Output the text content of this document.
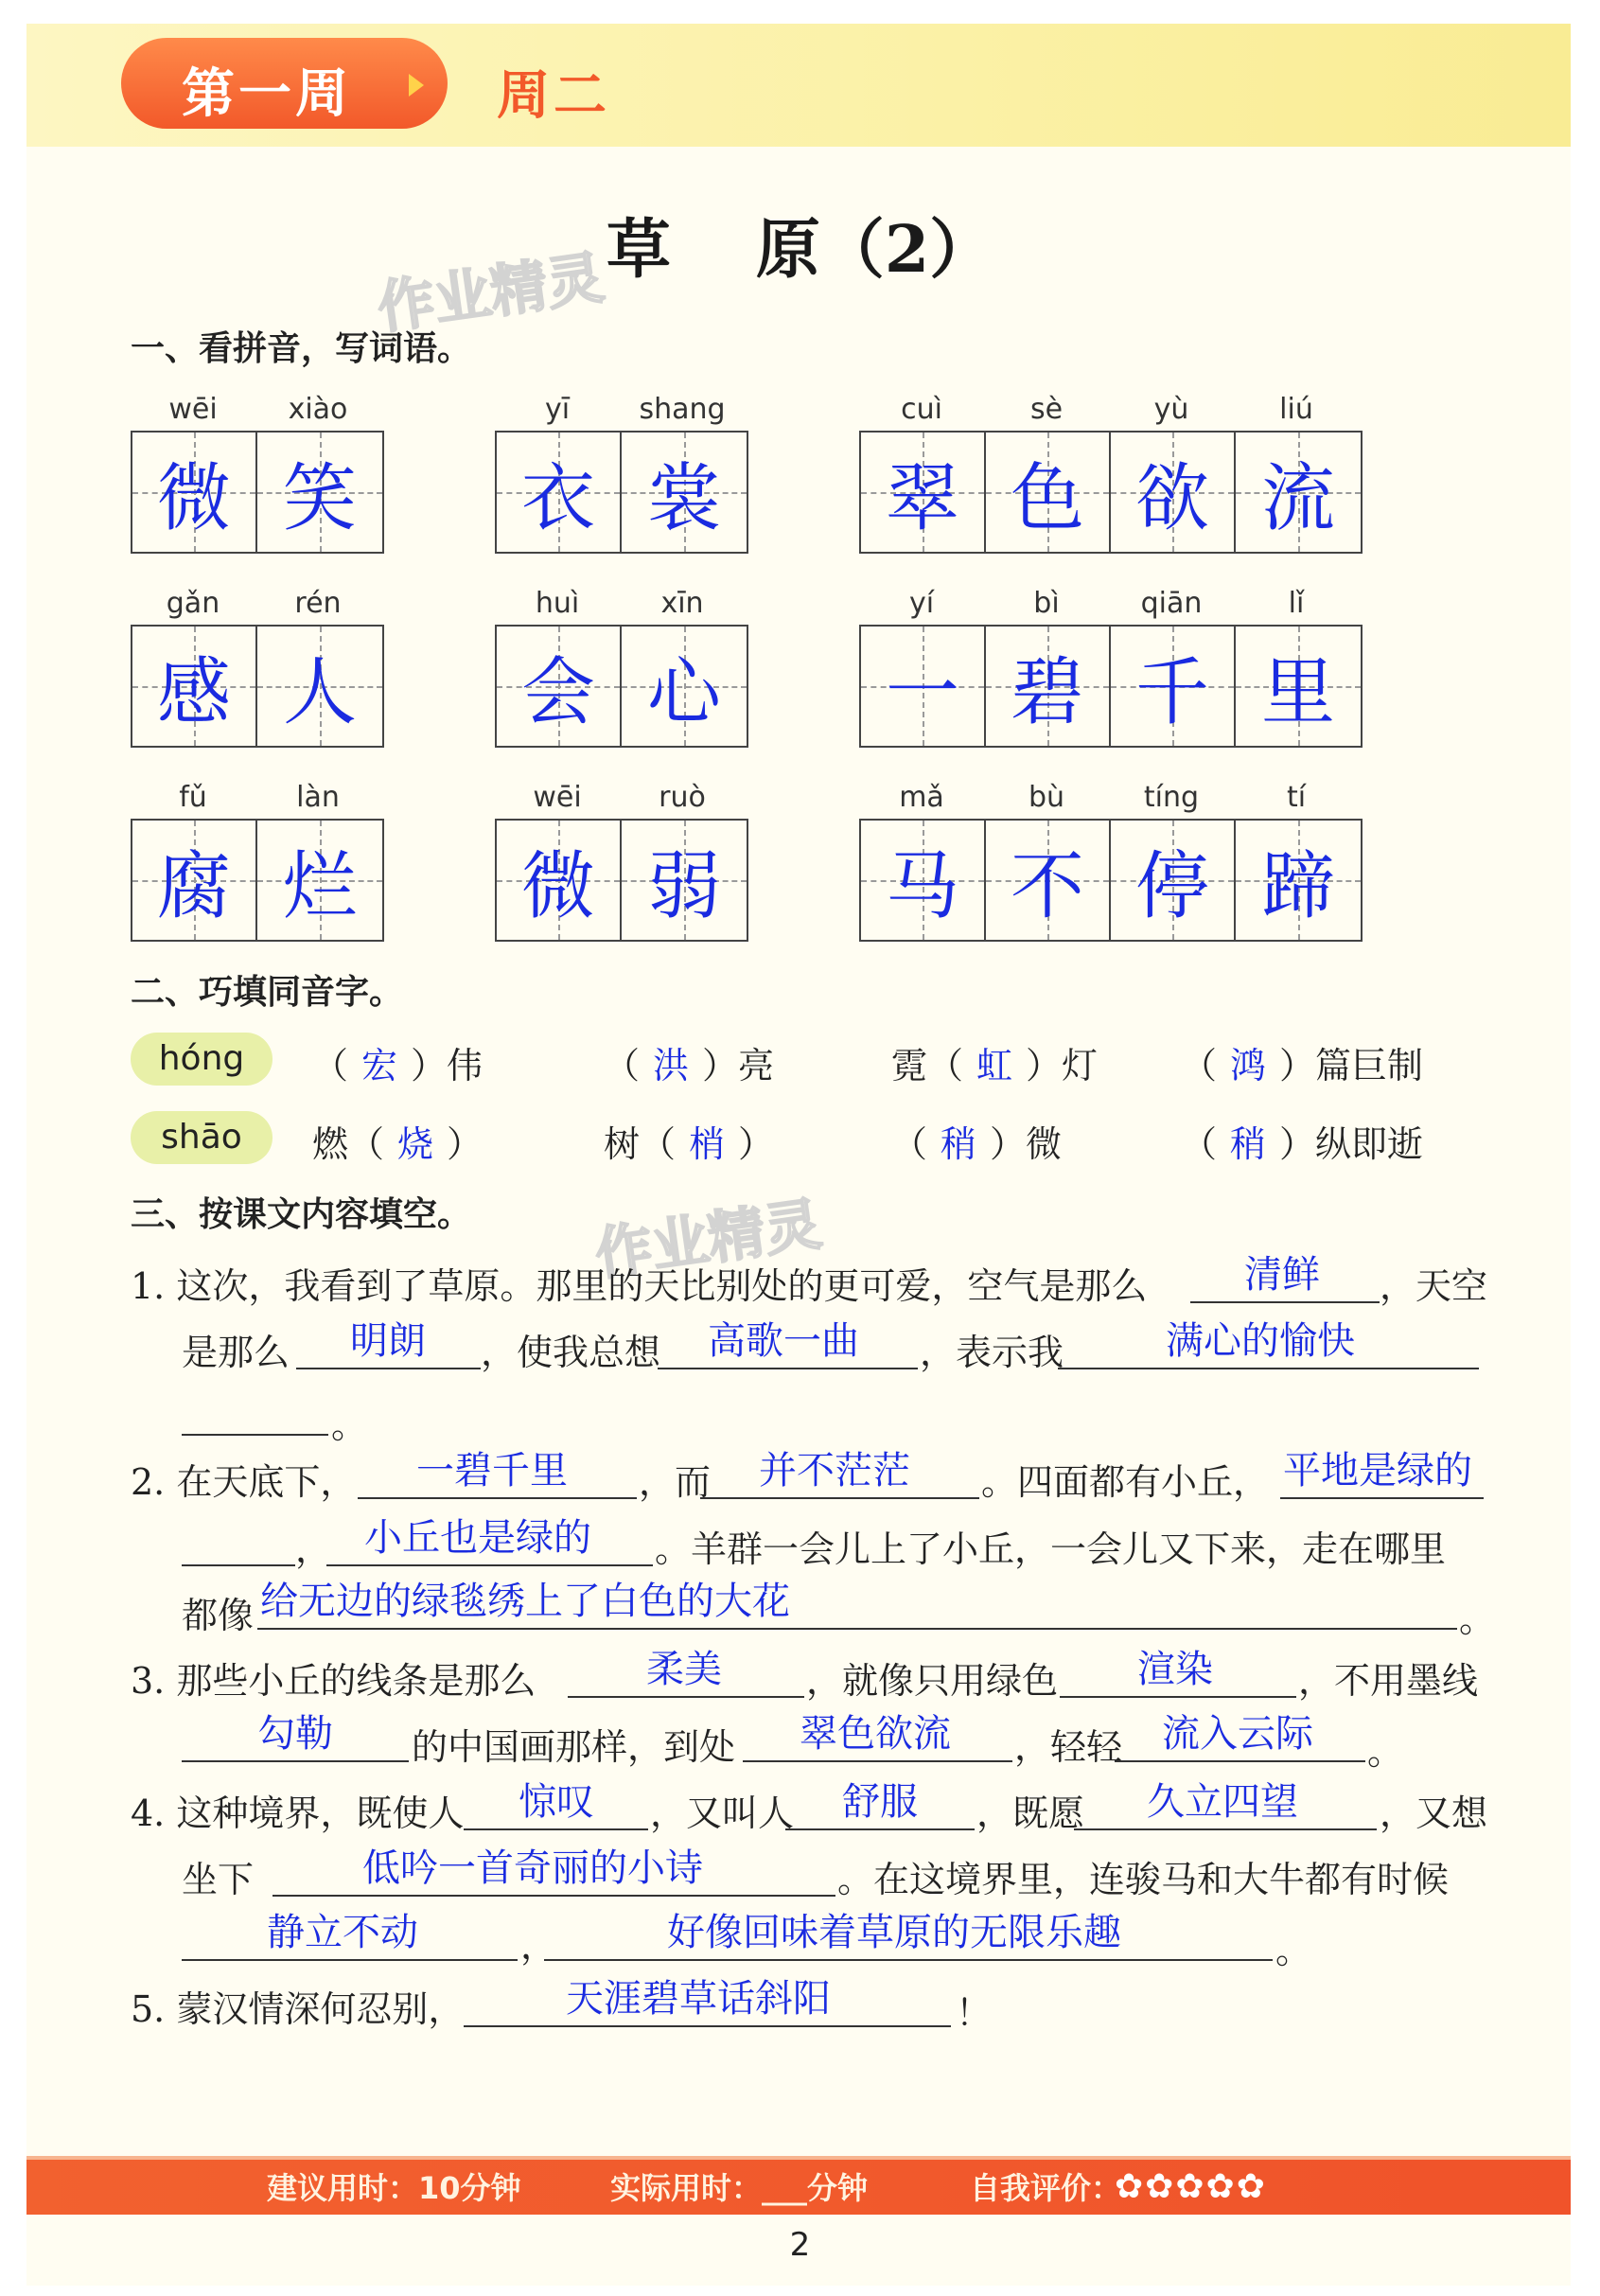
第一周	周二
草 原（2）
作业精灵
作业精灵
一、看拼音，写词语。
wēi	xiào
微 笑
yī	shang
衣 裳
cuì	sè	yù	liú
翠 色 欲 流
gǎn	rén
感 人
huì	xīn
会 心
yí	bì	qiān	lǐ
一 碧 千 里
fǔ	làn
腐 烂
wēi	ruò
微 弱
mǎ	bù	tíng	tí
马 不 停 蹄
二、巧填同音字。
hóng	（ 宏 ）伟	（ 洪 ）亮	霓（ 虹 ）灯 （ 鸿 ）篇巨制
shāo	燃（ 烧 ）	树（ 梢 ）	（ 稍 ）微	（ 稍 ）纵即逝
三、按课文内容填空。
1. 这次，我看到了草原。那里的天比别处的更可爱，空气是那么	清鲜 ，天空
是那么 明朗 ，使我总想 高歌一曲 ，表示我	满心的愉快
。
2. 在天底下， 一碧千里 ，而 并不茫茫 。四面都有小丘， 平地是绿的
， 小丘也是绿的 。羊群一会儿上了小丘，一会儿又下来，走在哪里
都像 给无边的绿毯绣上了白色的大花	。
3. 那些小丘的线条是那么	柔美 ，就像只用绿色 渲染 ，不用墨线
勾勒 的中国画那样，到处 翠色欲流 ，轻轻 流入云际 。
4. 这种境界，既使人 惊叹 ，又叫人 舒服 ，既愿 久立四望 ，又想
坐下	低吟一首奇丽的小诗	。在这境界里，连骏马和大牛都有时候
静立不动	，	好像回味着草原的无限乐趣	。
5. 蒙汉情深何忍别，	天涯碧草话斜阳	！
建议用时：10分钟	实际用时：___分钟	自我评价：
✿✿✿✿✿
2
